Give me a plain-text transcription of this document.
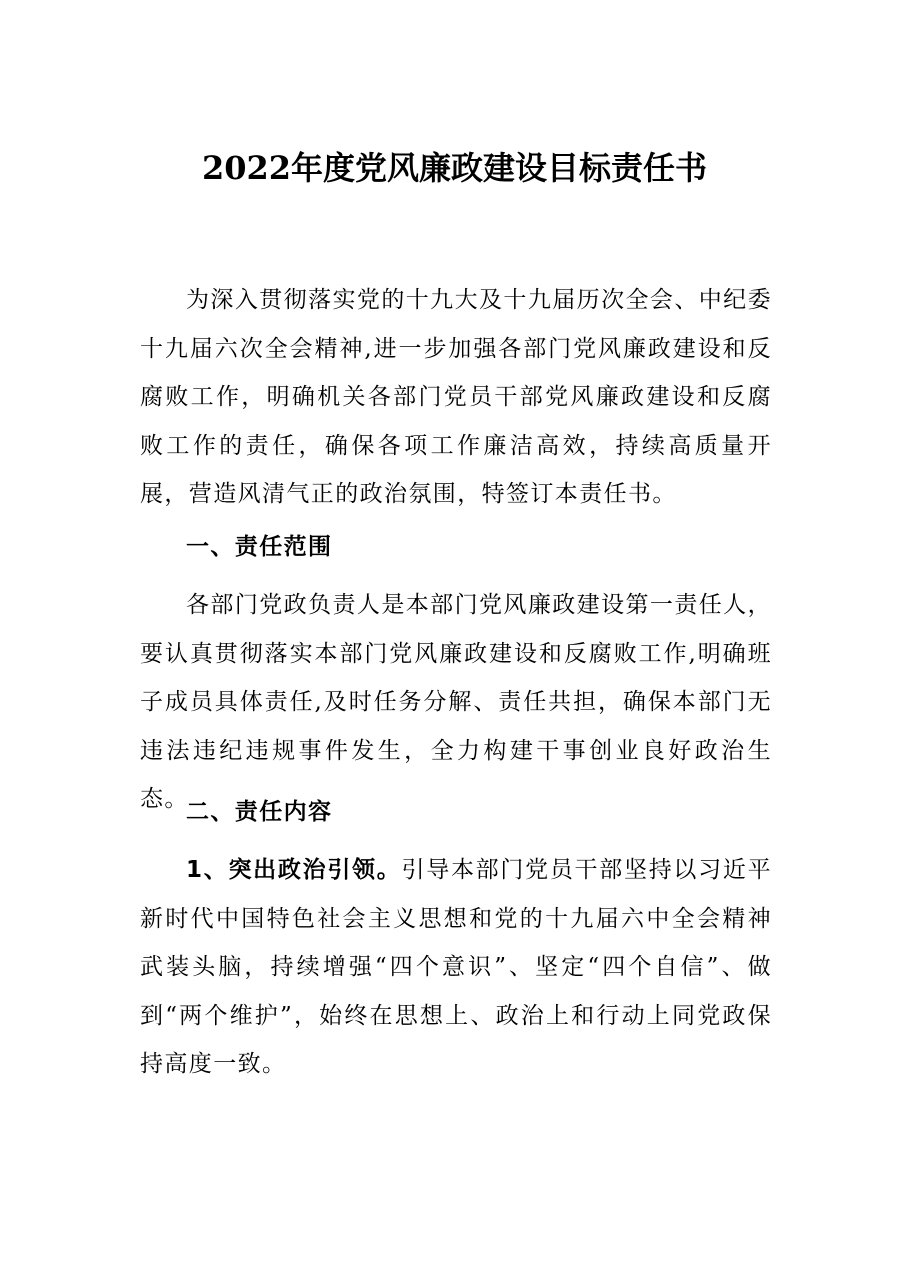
2022年度党风廉政建设目标责任书

为深入贯彻落实党的十九大及十九届历次全会、中纪委十九届六次全会精神,进一步加强各部门党风廉政建设和反腐败工作，明确机关各部门党员干部党风廉政建设和反腐败工作的责任，确保各项工作廉洁高效，持续高质量开展，营造风清气正的政治氛围，特签订本责任书。

一、责任范围

各部门党政负责人是本部门党风廉政建设第一责任人，要认真贯彻落实本部门党风廉政建设和反腐败工作,明确班子成员具体责任,及时任务分解、责任共担，确保本部门无违法违纪违规事件发生，全力构建干事创业良好政治生态。

二、责任内容

1、突出政治引领。引导本部门党员干部坚持以习近平新时代中国特色社会主义思想和党的十九届六中全会精神武装头脑，持续增强“四个意识”、坚定“四个自信”、做到“两个维护”，始终在思想上、政治上和行动上同党政保持高度一致。
